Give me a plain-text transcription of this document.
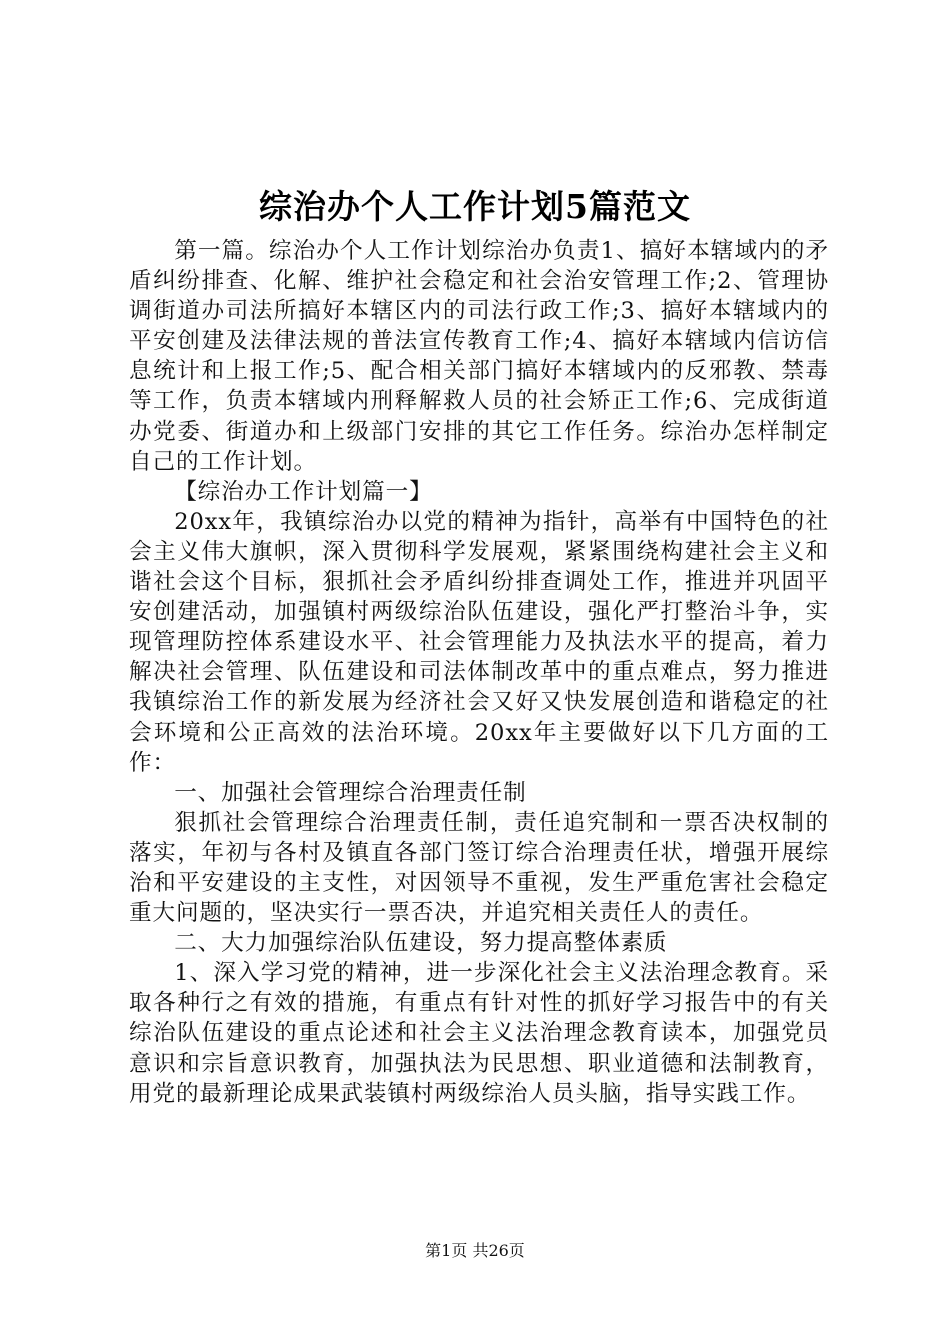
综治办个人工作计划5篇范文

第一篇。综治办个人工作计划综治办负责1、搞好本辖域内的矛盾纠纷排查、化解、维护社会稳定和社会治安管理工作;2、管理协调街道办司法所搞好本辖区内的司法行政工作;3、搞好本辖域内的平安创建及法律法规的普法宣传教育工作;4、搞好本辖域内信访信息统计和上报工作;5、配合相关部门搞好本辖域内的反邪教、禁毒等工作，负责本辖域内刑释解救人员的社会矫正工作;6、完成街道办党委、街道办和上级部门安排的其它工作任务。综治办怎样制定自己的工作计划。

【综治办工作计划篇一】

20xx年，我镇综治办以党的精神为指针，高举有中国特色的社会主义伟大旗帜，深入贯彻科学发展观，紧紧围绕构建社会主义和谐社会这个目标，狠抓社会矛盾纠纷排查调处工作，推进并巩固平安创建活动，加强镇村两级综治队伍建设，强化严打整治斗争，实现管理防控体系建设水平、社会管理能力及执法水平的提高，着力解决社会管理、队伍建设和司法体制改革中的重点难点，努力推进我镇综治工作的新发展为经济社会又好又快发展创造和谐稳定的社会环境和公正高效的法治环境。20xx年主要做好以下几方面的工作：

一、加强社会管理综合治理责任制

狠抓社会管理综合治理责任制，责任追究制和一票否决权制的落实，年初与各村及镇直各部门签订综合治理责任状，增强开展综治和平安建设的主支性，对因领导不重视，发生严重危害社会稳定重大问题的，坚决实行一票否决，并追究相关责任人的责任。

二、大力加强综治队伍建设，努力提高整体素质

1、深入学习党的精神，进一步深化社会主义法治理念教育。采取各种行之有效的措施，有重点有针对性的抓好学习报告中的有关综治队伍建设的重点论述和社会主义法治理念教育读本，加强党员意识和宗旨意识教育，加强执法为民思想、职业道德和法制教育，用党的最新理论成果武装镇村两级综治人员头脑，指导实践工作。

第1页 共26页
